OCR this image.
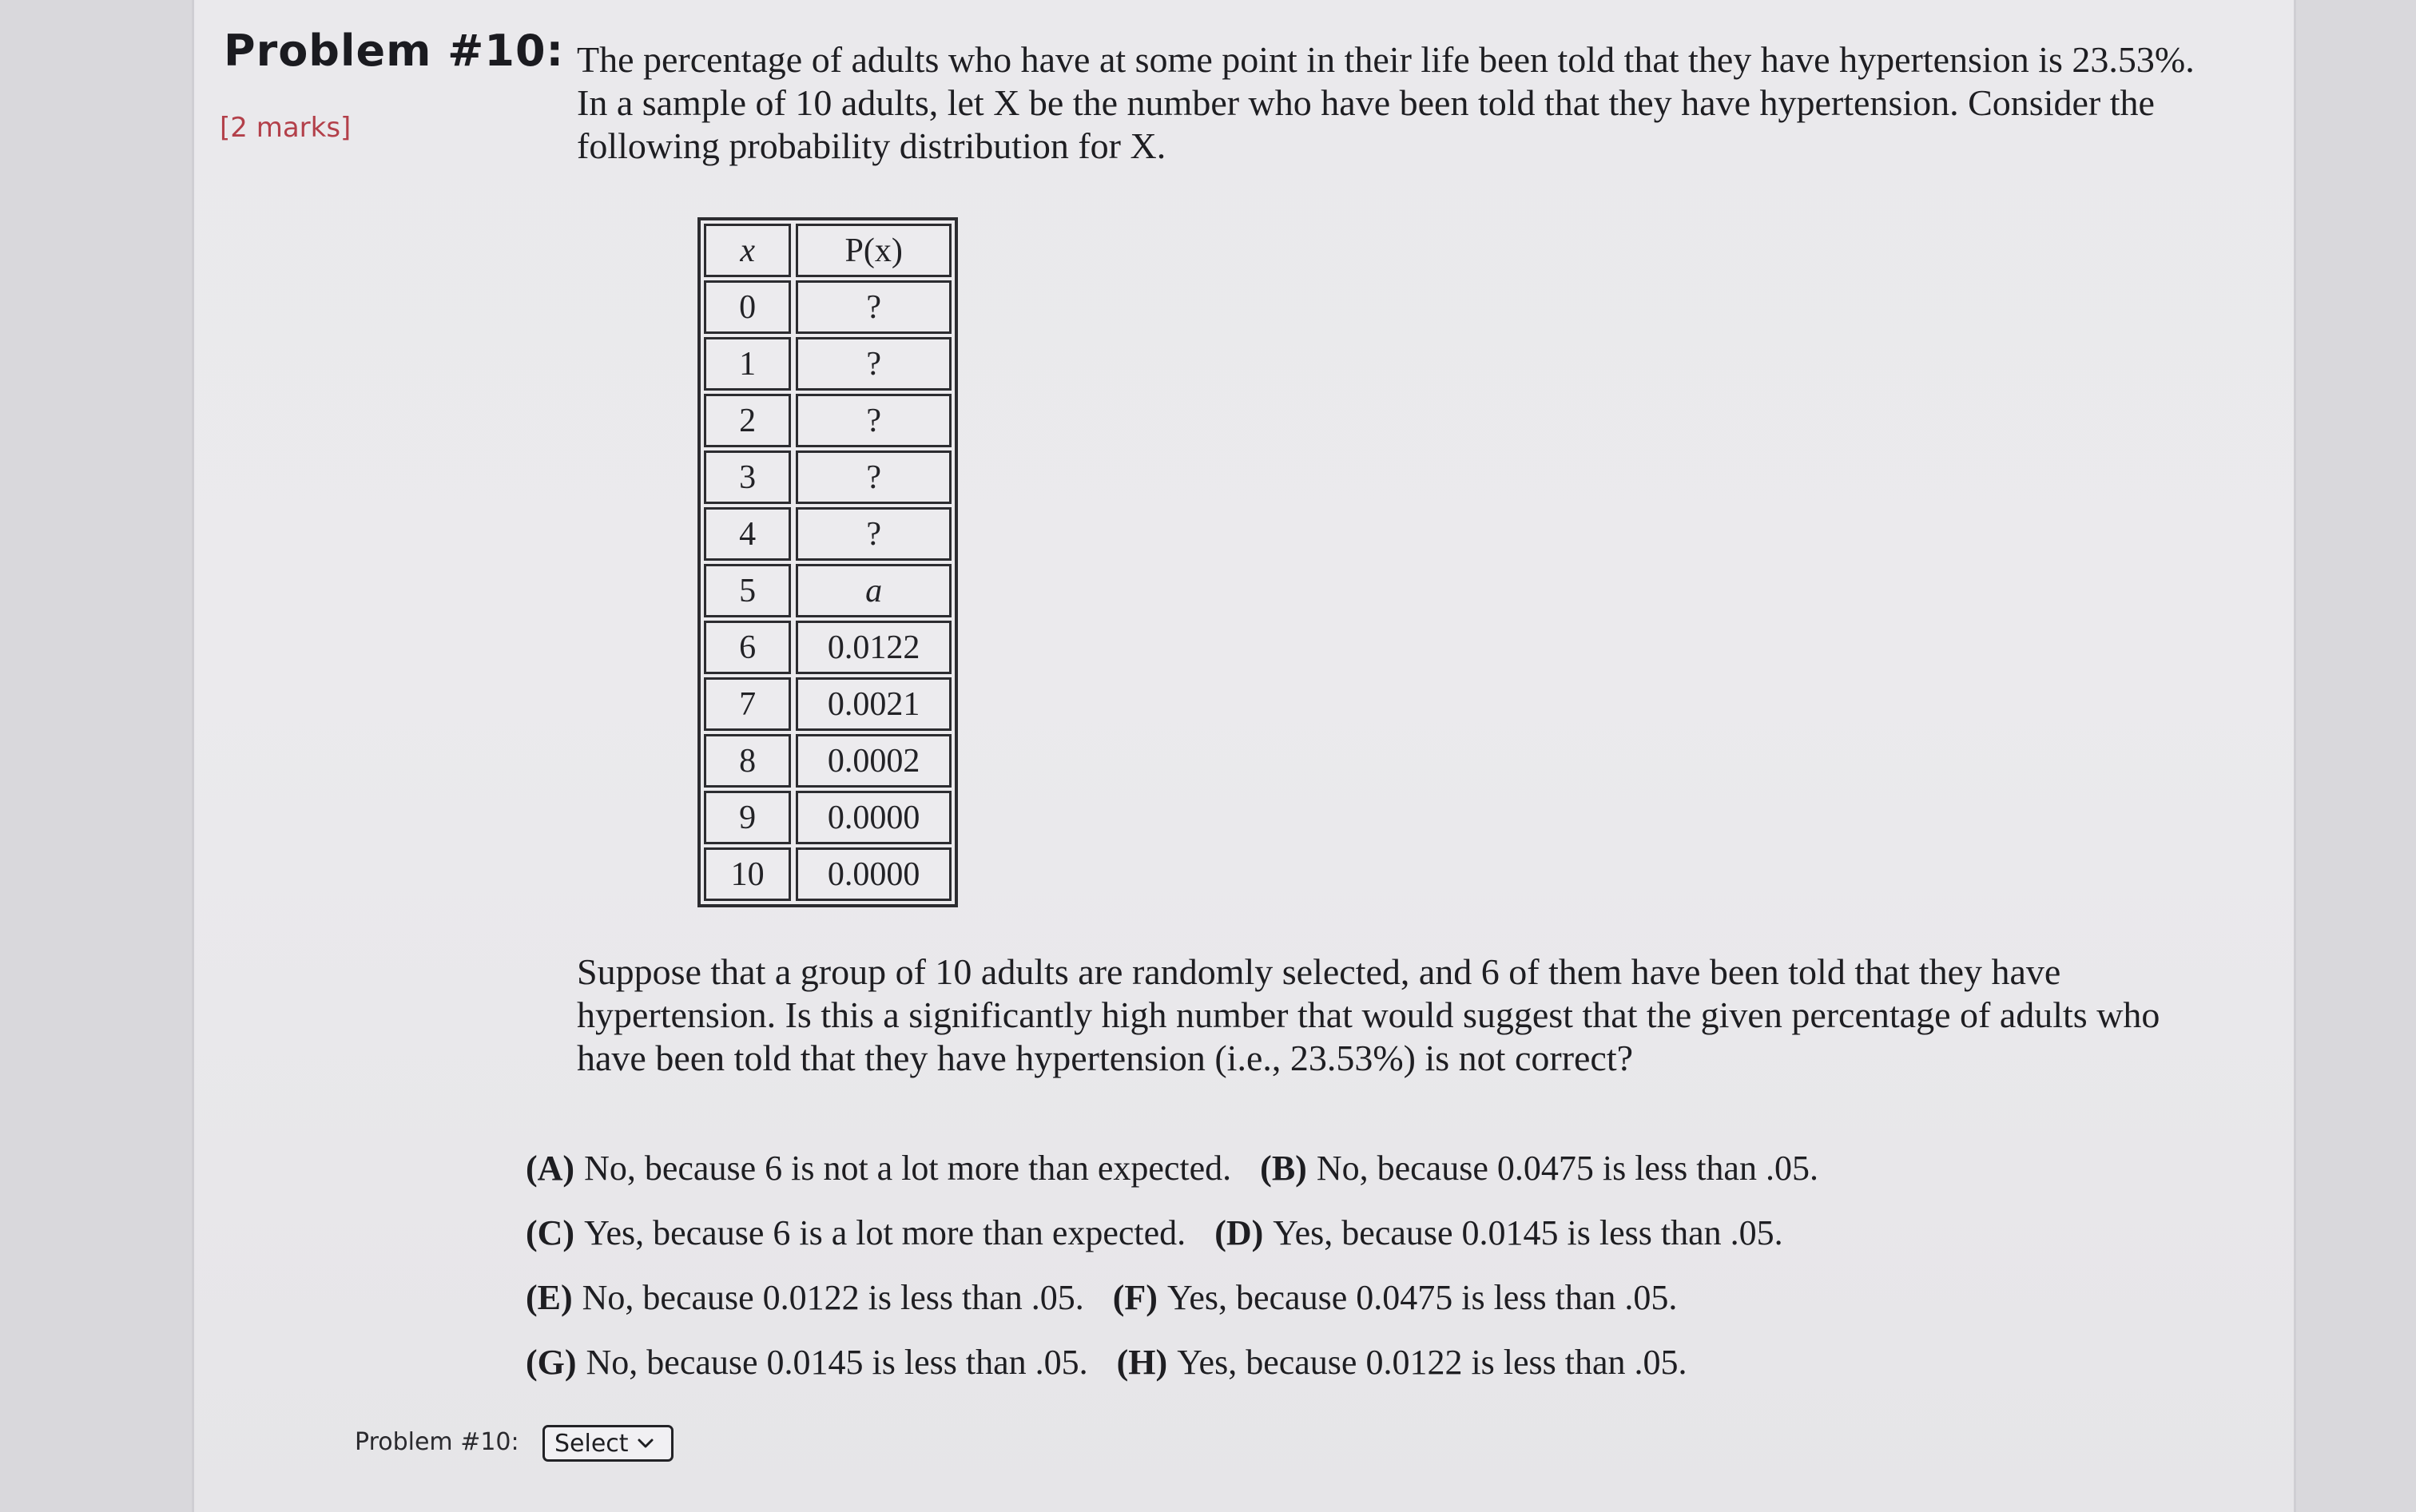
Problem #10:
[2 marks]

The percentage of adults who have at some point in their life been told that they have hypertension is 23.53%.

In a sample of 10 adults, let X be the number who have been told that they have hypertension. Consider the

following probability distribution for X.

x	P(x)
0	?
1	?
2	?
3	?
4	?
5	a
6	0.0122
7	0.0021
8	0.0002
9	0.0000
10	0.0000

Suppose that a group of 10 adults are randomly selected, and 6 of them have been told that they have

hypertension. Is this a significantly high number that would suggest that the given percentage of adults who

have been told that they have hypertension (i.e., 23.53%) is not correct?

(A) No, because 6 is not a lot more than expected. (B) No, because 0.0475 is less than .05.
(C) Yes, because 6 is a lot more than expected. (D) Yes, because 0.0145 is less than .05.
(E) No, because 0.0122 is less than .05. (F) Yes, because 0.0475 is less than .05.
(G) No, because 0.0145 is less than .05. (H) Yes, because 0.0122 is less than .05.
Problem #10: Select
